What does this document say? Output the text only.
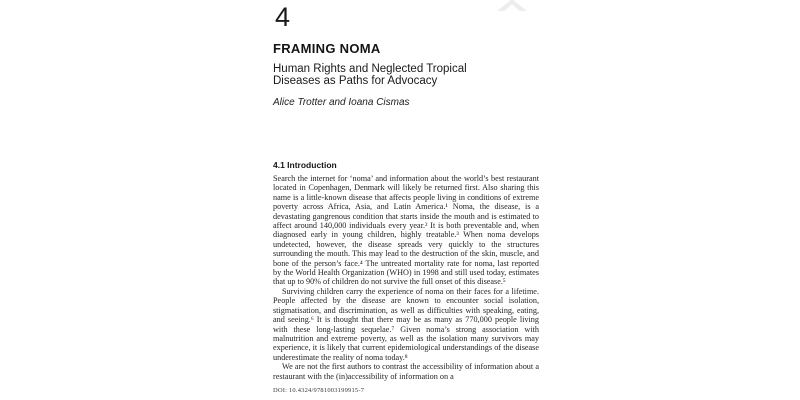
4
FRAMING NOMA
Human Rights and Neglected Tropical Diseases as Paths for Advocacy
Alice Trotter and Ioana Cismas
4.1 Introduction

Search the internet for ‘noma’ and information about the world’s best restaurant located in Copenhagen, Denmark will likely be returned first. Also sharing this name is a little-known disease that affects people living in conditions of extreme poverty across Africa, Asia, and Latin America.¹ Noma, the disease, is a devastating gangrenous condition that starts inside the mouth and is estimated to affect around 140,000 individuals every year.² It is both preventable and, when diagnosed early in young children, highly treatable.³ When noma develops undetected, however, the disease spreads very quickly to the structures surrounding the mouth. This may lead to the destruction of the skin, muscle, and bone of the person’s face.⁴ The untreated mortality rate for noma, last reported by the World Health Organization (WHO) in 1998 and still used today, estimates that up to 90% of children do not survive the full onset of this disease.⁵

Surviving children carry the experience of noma on their faces for a lifetime. People affected by the disease are known to encounter social isolation, stigmatisation, and discrimination, as well as difficulties with speaking, eating, and seeing.⁶ It is thought that there may be as many as 770,000 people living with these long-lasting sequelae.⁷ Given noma’s strong association with malnutrition and extreme poverty, as well as the isolation many survivors may experience, it is likely that current epidemiological understandings of the disease underestimate the reality of noma today.⁸

We are not the first authors to contrast the accessibility of information about a restaurant with the (in)accessibility of information on a

DOI: 10.4324/9781003199915-7
